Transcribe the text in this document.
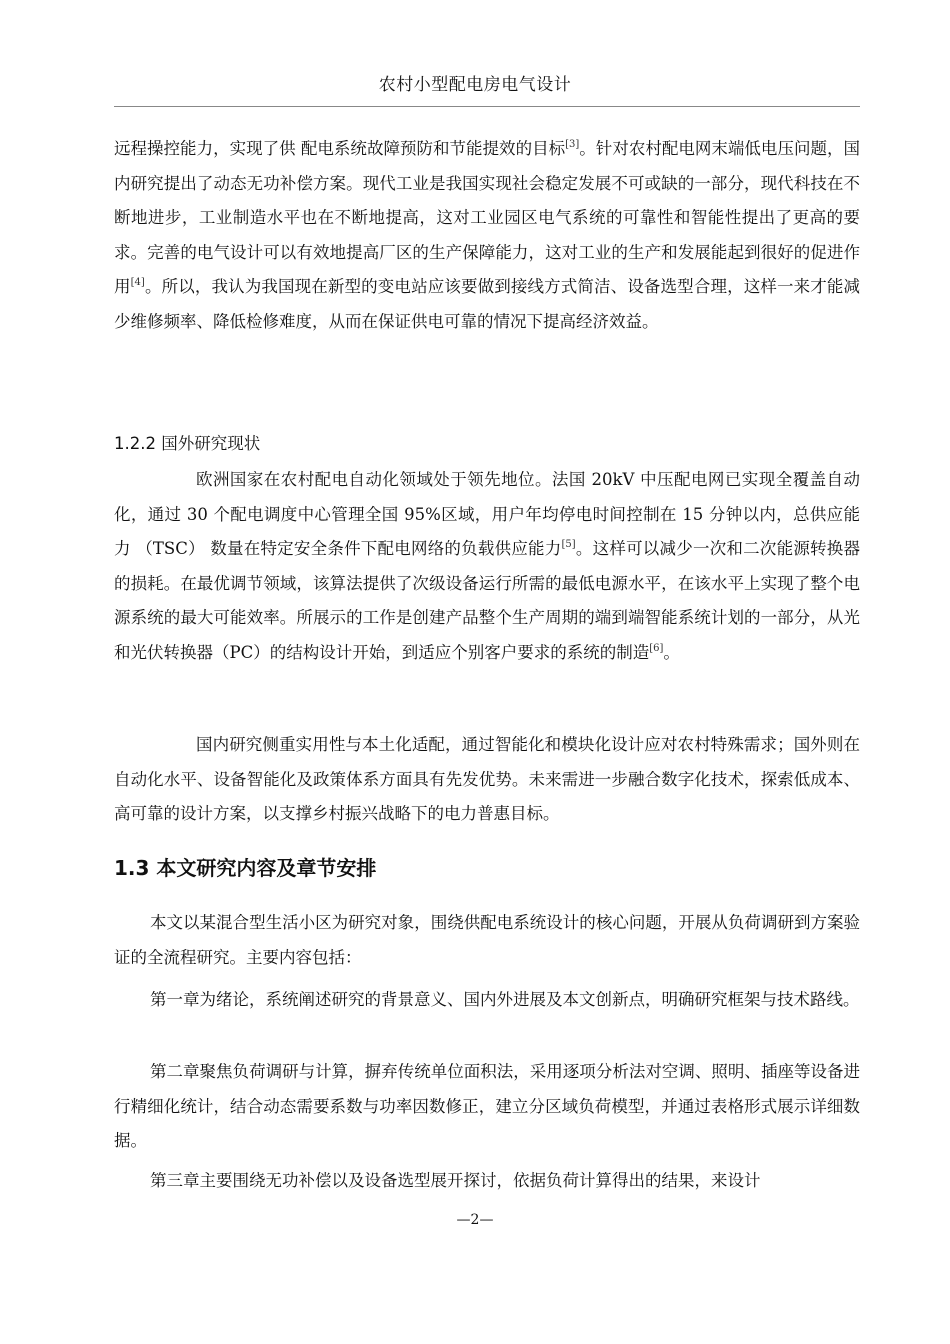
农村小型配电房电气设计

远程操控能力，实现了供 配电系统故障预防和节能提效的目标[3]。针对农村配电网末端低电压问题，国内研究提出了动态无功补偿方案。现代工业是我国实现社会稳定发展不可或缺的一部分，现代科技在不断地进步，工业制造水平也在不断地提高，这对工业园区电气系统的可靠性和智能性提出了更高的要求。完善的电气设计可以有效地提高厂区的生产保障能力，这对工业的生产和发展能起到很好的促进作用[4]。所以，我认为我国现在新型的变电站应该要做到接线方式简洁、设备选型合理，这样一来才能减少维修频率、降低检修难度，从而在保证供电可靠的情况下提高经济效益。

1.2.2 国外研究现状

欧洲国家在农村配电自动化领域处于领先地位。法国 20kV 中压配电网已实现全覆盖自动化，通过 30 个配电调度中心管理全国 95%区域，用户年均停电时间控制在 15 分钟以内，总供应能力 （TSC） 数量在特定安全条件下配电网络的负载供应能力[5]。这样可以减少一次和二次能源转换器的损耗。在最优调节领域，该算法提供了次级设备运行所需的最低电源水平，在该水平上实现了整个电源系统的最大可能效率。所展示的工作是创建产品整个生产周期的端到端智能系统计划的一部分，从光和光伏转换器（PC）的结构设计开始，到适应个别客户要求的系统的制造[6]。

国内研究侧重实用性与本土化适配，通过智能化和模块化设计应对农村特殊需求；国外则在自动化水平、设备智能化及政策体系方面具有先发优势。未来需进一步融合数字化技术，探索低成本、高可靠的设计方案，以支撑乡村振兴战略下的电力普惠目标。

1.3 本文研究内容及章节安排

本文以某混合型生活小区为研究对象，围绕供配电系统设计的核心问题，开展从负荷调研到方案验证的全流程研究。主要内容包括：

第一章为绪论，系统阐述研究的背景意义、国内外进展及本文创新点，明确研究框架与技术路线。

第二章聚焦负荷调研与计算，摒弃传统单位面积法，采用逐项分析法对空调、照明、插座等设备进行精细化统计，结合动态需要系数与功率因数修正，建立分区域负荷模型，并通过表格形式展示详细数据。

第三章主要围绕无功补偿以及设备选型展开探讨，依据负荷计算得出的结果，来设计

—2—
